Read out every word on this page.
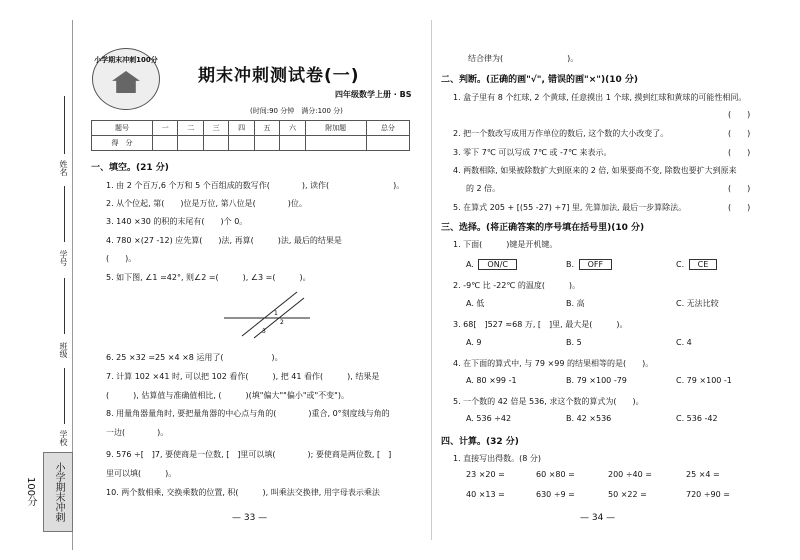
姓名
学号
班级
学校
小学期末冲刺100分
小学期末冲刺100分
期末冲刺测试卷(一)
四年级数学上册 · BS
(时间:90 分钟　满分:100 分)
题号	一	二	三	四	五	六	附加题	总分
得　分								
一、填空。(21 分)
1. 由 2 个百万,6 个万和 5 个百组成的数写作(　　　　), 读作(　　　　　　　　)。
2. 从个位起, 第(　　)位是万位, 第八位是(　　　　)位。
3. 140 ×30 的积的末尾有(　　)个 0。
4. 780 ×(27 -12) 应先算(　　)法, 再算(　　　)法, 最后的结果是
(　　)。
5. 如下图, ∠1 =42°, 则∠2 =(　　　), ∠3 =(　　　)。
1
2
3
6. 25 ×32 =25 ×4 ×8 运用了(　　　　　　)。
7. 计算 102 ×41 时, 可以把 102 看作(　　　), 把 41 看作(　　　), 结果是
(　　　), 估算值与准确值相比, (　　　)(填"偏大""偏小"或"不变")。
8. 用量角器量角时, 要把量角器的中心点与角的(　　　　)重合, 0°刻度线与角的
一边(　　　　)。
9. 576 ÷[　]7, 要使商是一位数, [　]里可以填(　　　　); 要使商是两位数, [　]
里可以填(　　　)。
10. 两个数相乘, 交换乘数的位置, 积(　　　), 叫乘法交换律, 用字母表示乘法
— 33 —
结合律为(　　　　　　　　)。
二、判断。(正确的画"√", 错误的画"×")(10 分)
1. 盒子里有 8 个红球, 2 个黄球, 任意摸出 1 个球, 摸到红球和黄球的可能性相同。
(　　)
2. 把一个数改写成用万作单位的数后, 这个数的大小改变了。	(　　)
3. 零下 7℃ 可以写成 7℃ 或 -7℃ 来表示。	(　　)
4. 两数相除, 如果被除数扩大到原来的 2 倍, 如果要商不变, 除数也要扩大到原来
的 2 倍。	(　　)
5. 在算式 205 + [(55 -27) ÷7] 里, 先算加法, 最后一步算除法。	(　　)
三、选择。(将正确答案的序号填在括号里)(10 分)
1. 下面(　　　)键是开机键。
A. ON/C	B. OFF	C. CE
2. -9℃ 比 -22℃ 的温度(　　　)。
A. 低	B. 高	C. 无法比较
3. 68[　]527 ≈68 万, [　]里, 最大是(　　　)。
A. 9	B. 5	C. 4
4. 在下面的算式中, 与 79 ×99 的结果相等的是(　　)。
A. 80 ×99 -1	B. 79 ×100 -79	C. 79 ×100 -1
5. 一个数的 42 倍是 536, 求这个数的算式为(　　)。
A. 536 ÷42	B. 42 ×536	C. 536 -42
四、计算。(32 分)
1. 直接写出得数。(8 分)
23 ×20 =	60 ×80 =	200 ÷40 =	25 ×4 =
40 ×13 =	630 ÷9 =	50 ×22 =	720 ÷90 =
— 34 —
